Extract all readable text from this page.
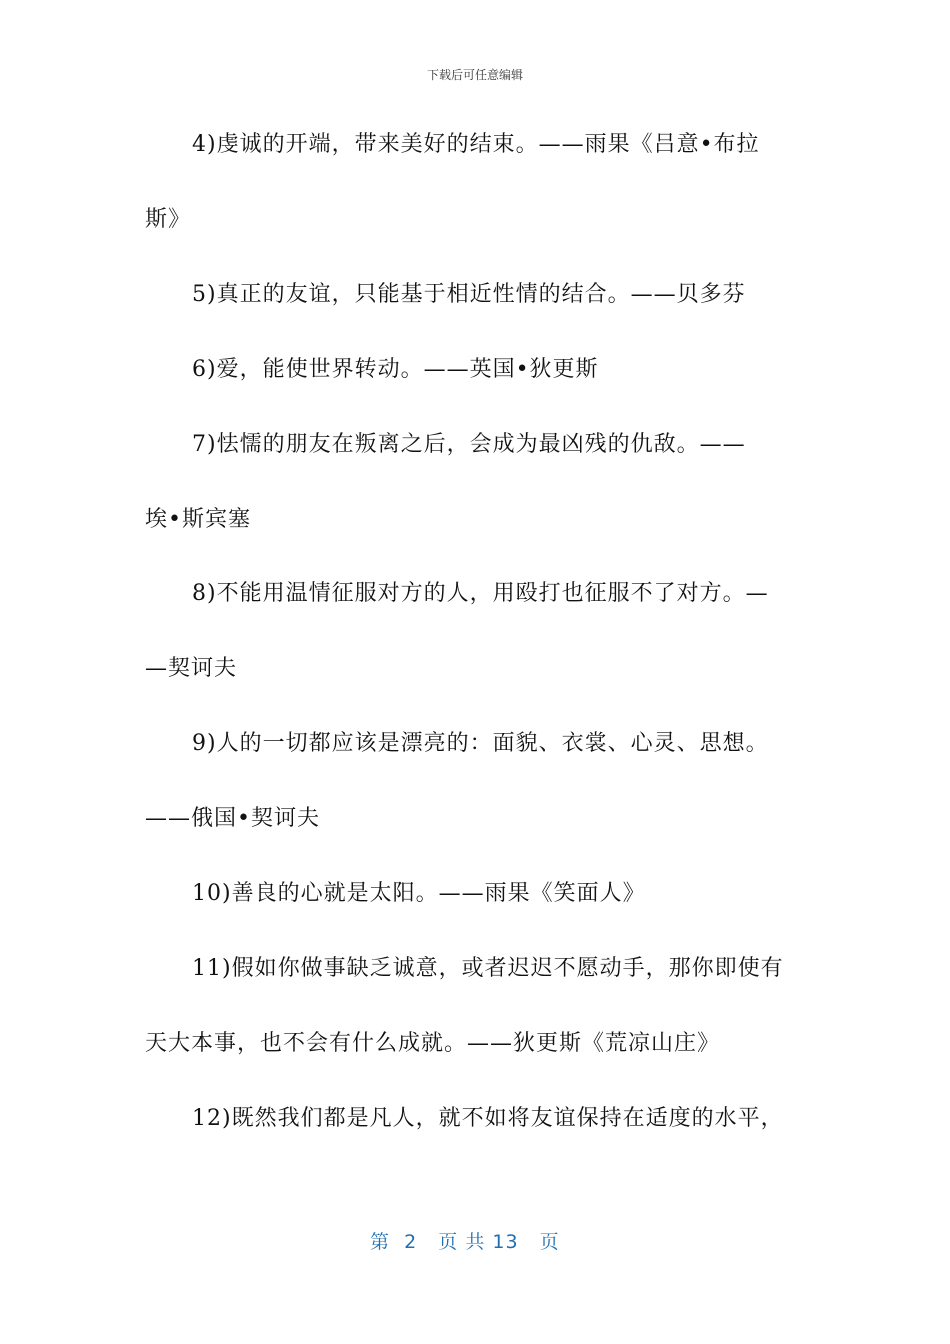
下载后可任意编辑
4)虔诚的开端，带来美好的结束。——雨果《吕意•布拉
斯》
5)真正的友谊，只能基于相近性情的结合。——贝多芬
6)爱，能使世界转动。——英国•狄更斯
7)怯懦的朋友在叛离之后，会成为最凶残的仇敌。——
埃•斯宾塞
8)不能用温情征服对方的人，用殴打也征服不了对方。—
—契诃夫
9)人的一切都应该是漂亮的：面貌、衣裳、心灵、思想。
——俄国•契诃夫
10)善良的心就是太阳。——雨果《笑面人》
11)假如你做事缺乏诚意，或者迟迟不愿动手，那你即使有
天大本事，也不会有什么成就。——狄更斯《荒凉山庄》
12)既然我们都是凡人，就不如将友谊保持在适度的水平，
第  2   页 共 13   页
